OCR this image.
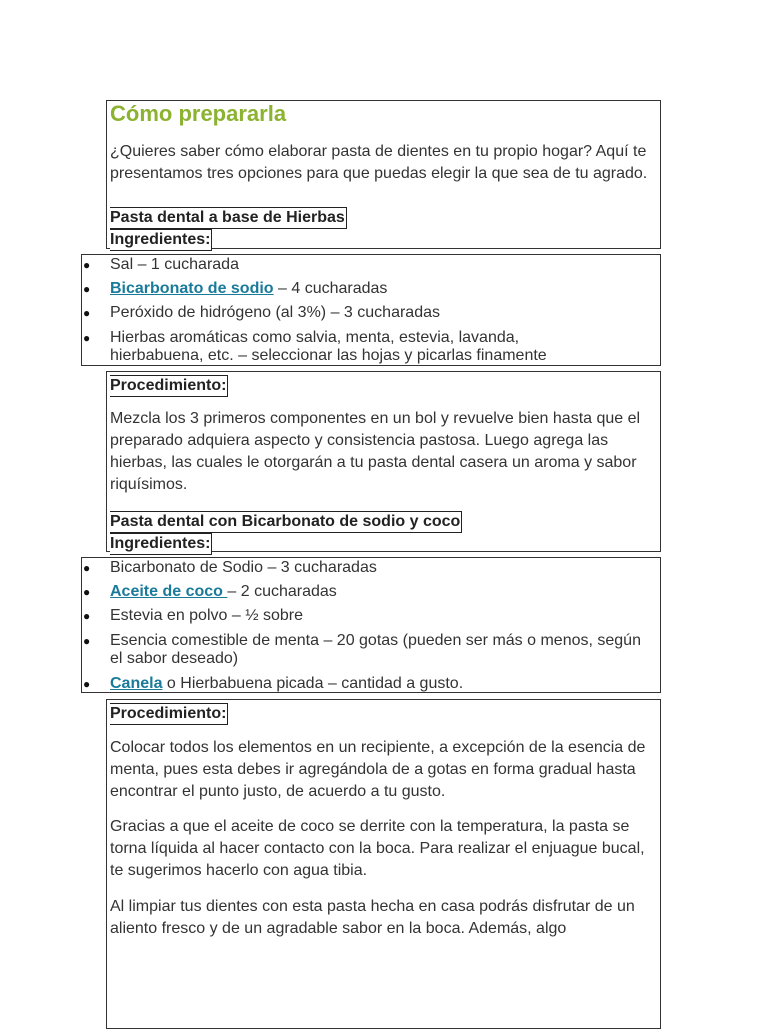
Cómo prepararla

¿Quieres saber cómo elaborar pasta de dientes en tu propio hogar? Aquí te presentamos tres opciones para que puedas elegir la que sea de tu agrado.

Pasta dental a base de Hierbas
Ingredientes:
● Sal – 1 cucharada
● Bicarbonato de sodio – 4 cucharadas
● Peróxido de hidrógeno (al 3%) – 3 cucharadas
● Hierbas aromáticas como salvia, menta, estevia, lavanda, hierbabuena, etc. – seleccionar las hojas y picarlas finamente
Procedimiento:

Mezcla los 3 primeros componentes en un bol y revuelve bien hasta que el preparado adquiera aspecto y consistencia pastosa. Luego agrega las hierbas, las cuales le otorgarán a tu pasta dental casera un aroma y sabor riquísimos.

Pasta dental con Bicarbonato de sodio y coco
Ingredientes:
● Bicarbonato de Sodio – 3 cucharadas
● Aceite de coco – 2 cucharadas
● Estevia en polvo – ½ sobre
● Esencia comestible de menta – 20 gotas (pueden ser más o menos, según el sabor deseado)
● Canela o Hierbabuena picada – cantidad a gusto.
Procedimiento:

Colocar todos los elementos en un recipiente, a excepción de la esencia de menta, pues esta debes ir agregándola de a gotas en forma gradual hasta encontrar el punto justo, de acuerdo a tu gusto.

Gracias a que el aceite de coco se derrite con la temperatura, la pasta se torna líquida al hacer contacto con la boca. Para realizar el enjuague bucal, te sugerimos hacerlo con agua tibia.

Al limpiar tus dientes con esta pasta hecha en casa podrás disfrutar de un aliento fresco y de un agradable sabor en la boca. Además, algo
